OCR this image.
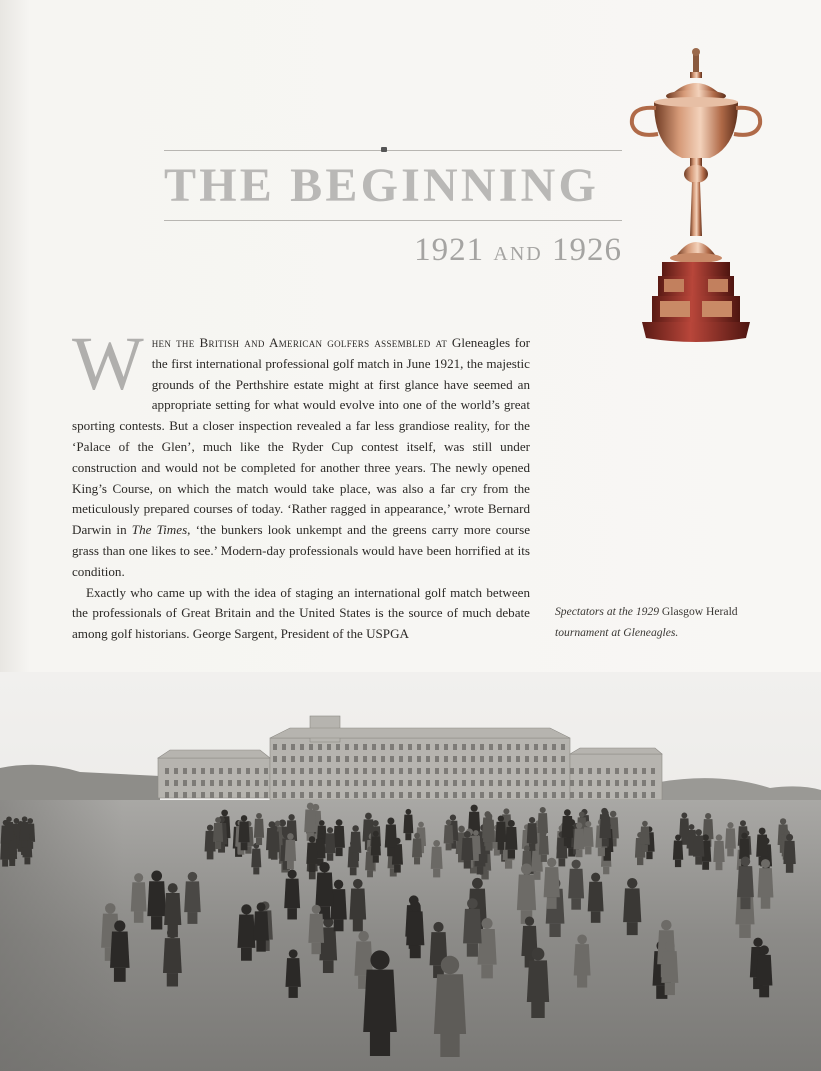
THE BEGINNING
1921 AND 1926

When the British and American golfers assembled at Gleneagles for the first international professional golf match in June 1921, the majestic grounds of the Perthshire estate might at first glance have seemed an appropriate setting for what would evolve into one of the world’s great sporting contests. But a closer inspection revealed a far less grandiose reality, for the ‘Palace of the Glen’, much like the Ryder Cup contest itself, was still under construction and would not be completed for another three years. The newly opened King’s Course, on which the match would take place, was also a far cry from the meticulously prepared courses of today. ‘Rather ragged in appearance,’ wrote Bernard Darwin in The Times, ‘the bunkers look unkempt and the greens carry more course grass than one likes to see.’ Modern-day professionals would have been horrified at its condition.

Exactly who came up with the idea of staging an international golf match between the professionals of Great Britain and the United States is the source of much debate among golf historians. George Sargent, President of the USPGA

Spectators at the 1929 Glasgow Herald
tournament at Gleneagles.
